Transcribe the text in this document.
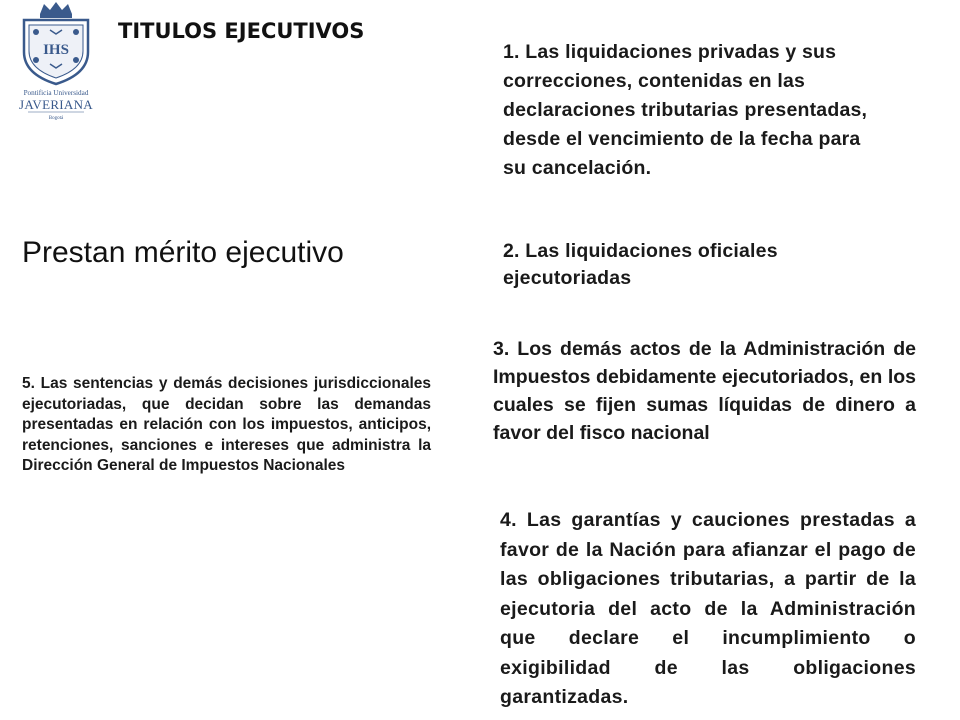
IHS
Pontificia Universidad
JAVERIANA
Bogotá
TITULOS EJECUTIVOS

Prestan mérito ejecutivo

1. Las liquidaciones privadas y sus correcciones, contenidas en las declaraciones tributarias presentadas, desde el vencimiento de la fecha para su cancelación.

2. Las liquidaciones oficiales ejecutoriadas

3. Los demás actos de la Administración de Impuestos debidamente ejecutoriados, en los cuales se fijen sumas líquidas de dinero a favor del fisco nacional

4. Las garantías y cauciones prestadas a favor de la Nación para afianzar el pago de las obligaciones tributarias, a partir de la ejecutoria del acto de la Administración que declare el incumplimiento o exigibilidad de las obligaciones garantizadas.

5. Las sentencias y demás decisiones jurisdiccionales ejecutoriadas, que decidan sobre las demandas presentadas en relación con los impuestos, anticipos, retenciones, sanciones e intereses que administra la Dirección General de Impuestos Nacionales
